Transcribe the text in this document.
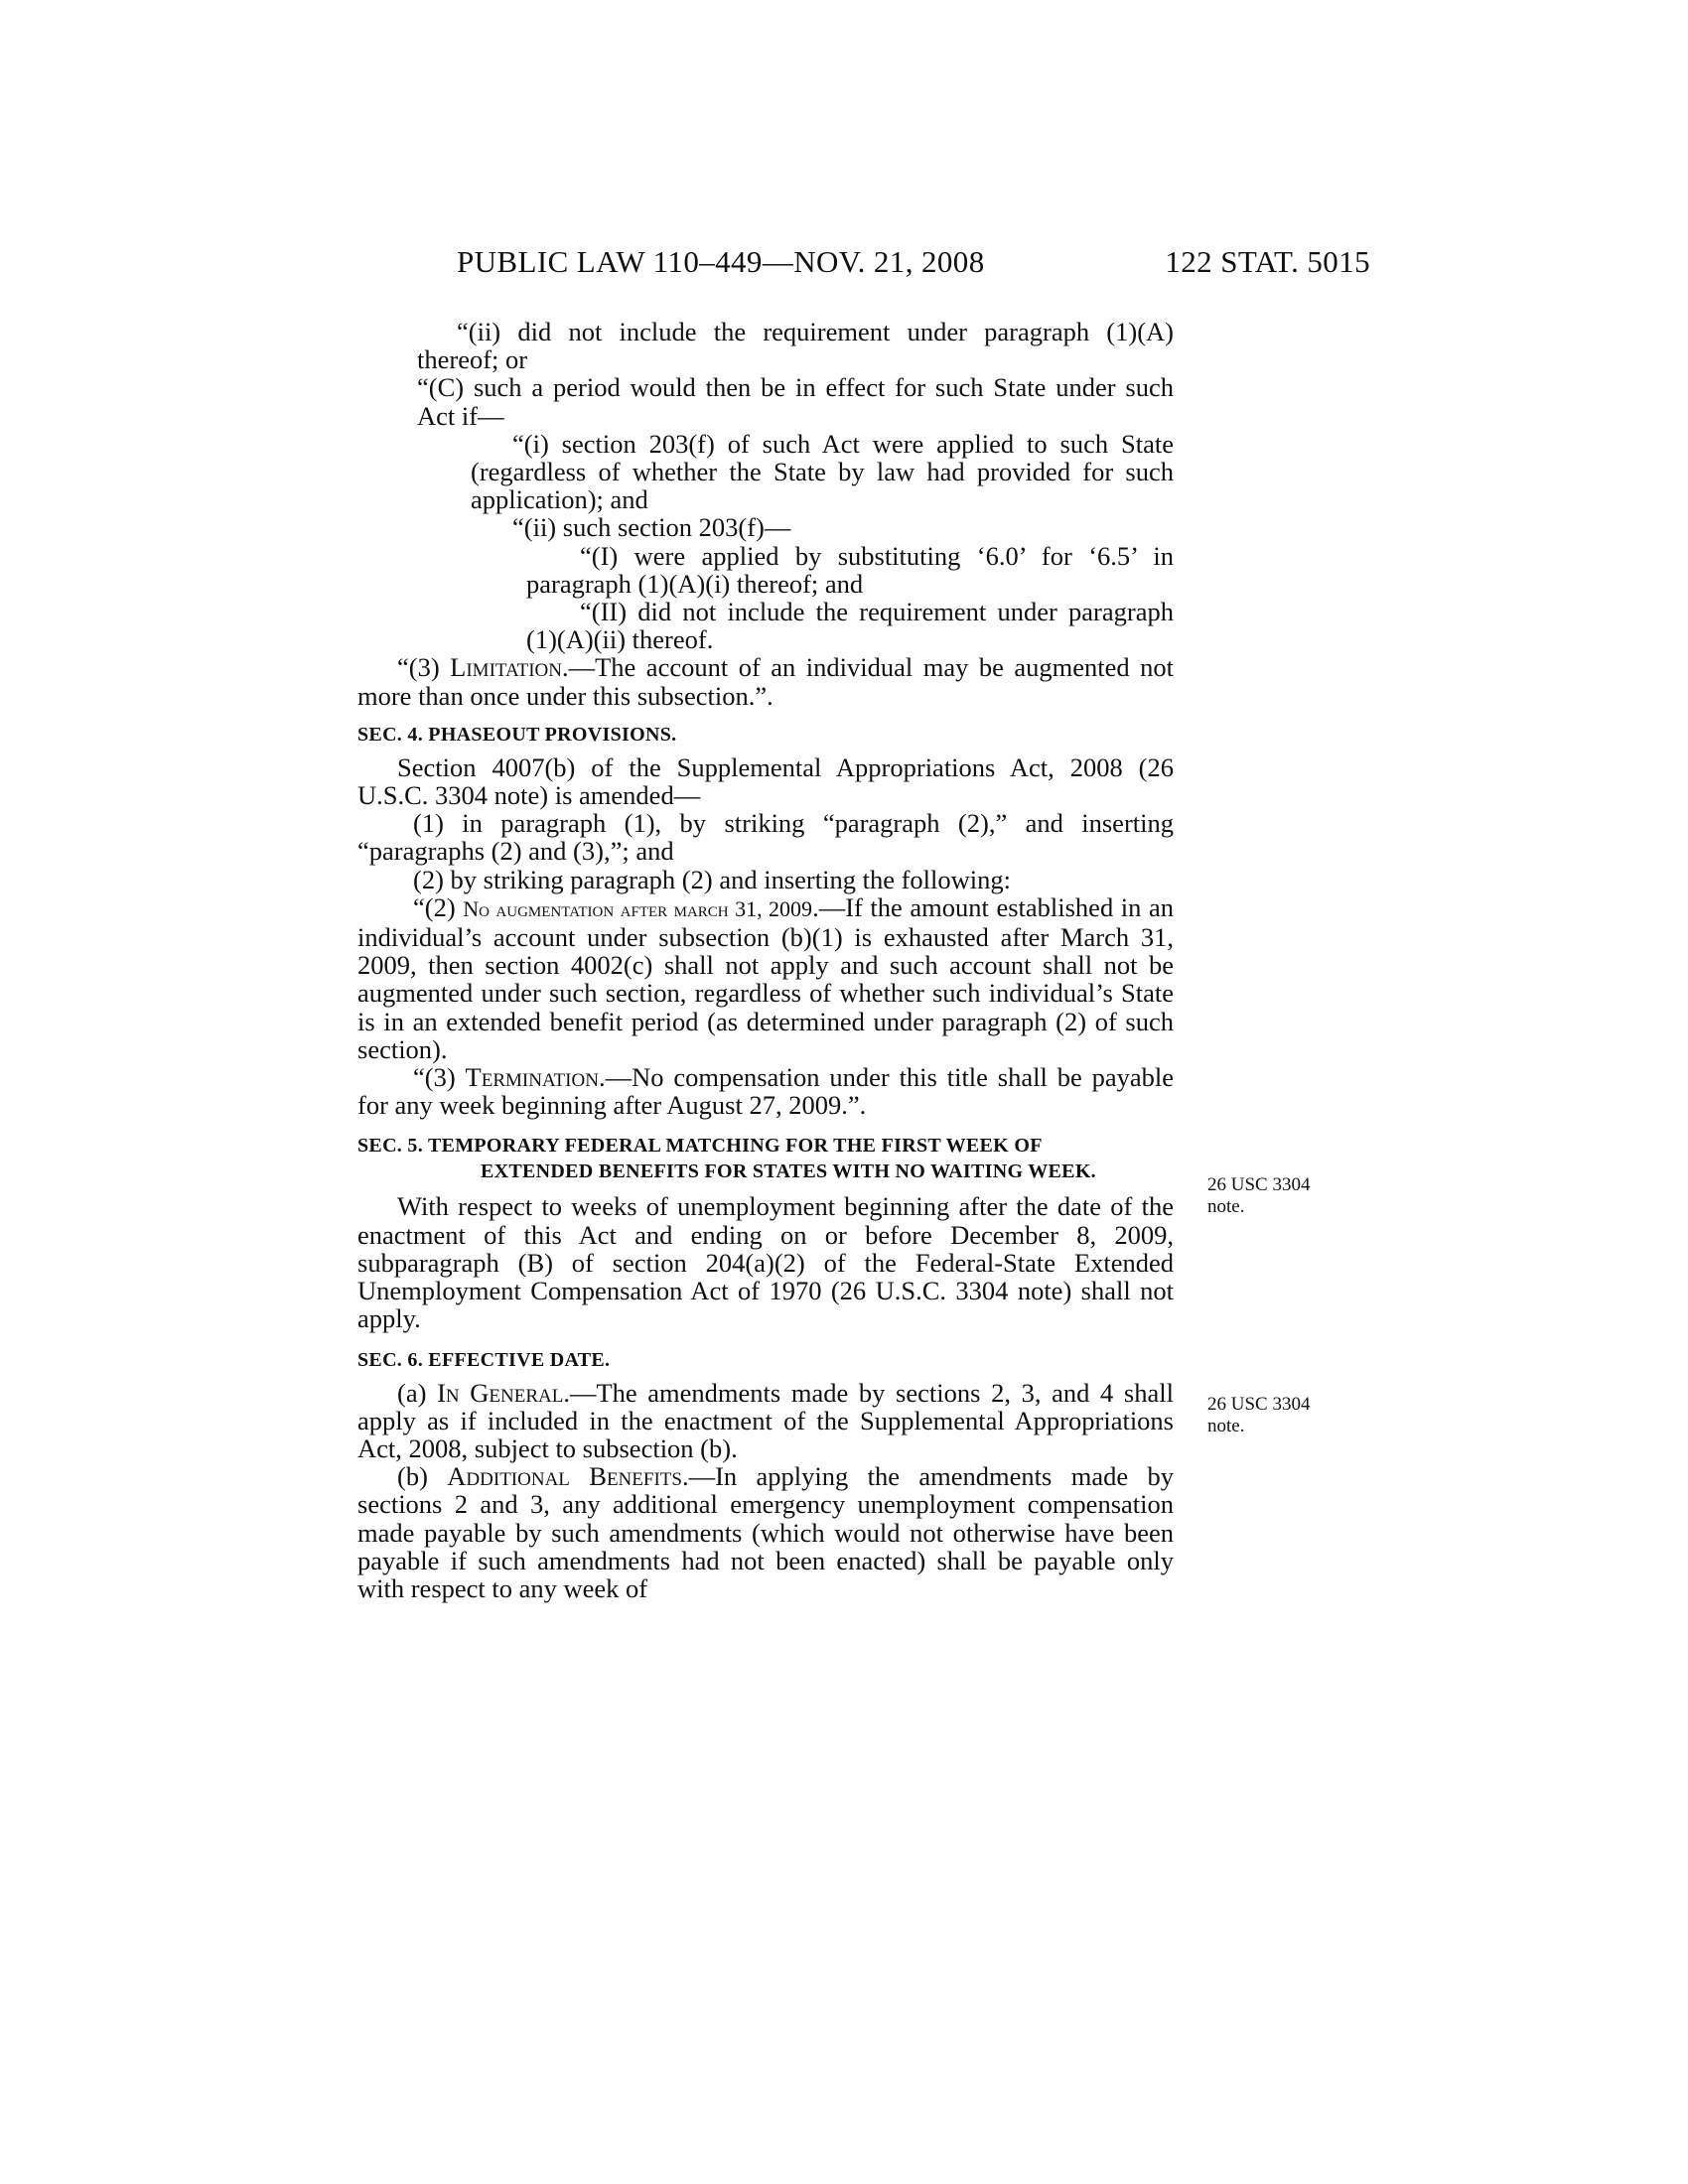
PUBLIC LAW 110–449—NOV. 21, 2008	122 STAT. 5015

“(ii) did not include the requirement under paragraph (1)(A) thereof; or

“(C) such a period would then be in effect for such State under such Act if—

“(i) section 203(f) of such Act were applied to such State (regardless of whether the State by law had provided for such application); and

“(ii) such section 203(f)—

“(I) were applied by substituting ‘6.0’ for ‘6.5’ in paragraph (1)(A)(i) thereof; and

“(II) did not include the requirement under paragraph (1)(A)(ii) thereof.

“(3) Limitation.—The account of an individual may be augmented not more than once under this subsection.”.

SEC. 4. PHASEOUT PROVISIONS.

Section 4007(b) of the Supplemental Appropriations Act, 2008 (26 U.S.C. 3304 note) is amended—

(1) in paragraph (1), by striking “paragraph (2),” and inserting “paragraphs (2) and (3),”; and

(2) by striking paragraph (2) and inserting the following:

“(2) No augmentation after march 31, 2009.—If the amount established in an individual’s account under subsection (b)(1) is exhausted after March 31, 2009, then section 4002(c) shall not apply and such account shall not be augmented under such section, regardless of whether such individual’s State is in an extended benefit period (as determined under paragraph (2) of such section).

“(3) Termination.—No compensation under this title shall be payable for any week beginning after August 27, 2009.”.

SEC. 5. TEMPORARY FEDERAL MATCHING FOR THE FIRST WEEK OF
EXTENDED BENEFITS FOR STATES WITH NO WAITING WEEK.

With respect to weeks of unemployment beginning after the date of the enactment of this Act and ending on or before December 8, 2009, subparagraph (B) of section 204(a)(2) of the Federal-State Extended Unemployment Compensation Act of 1970 (26 U.S.C. 3304 note) shall not apply.

SEC. 6. EFFECTIVE DATE.

(a) In General.—The amendments made by sections 2, 3, and 4 shall apply as if included in the enactment of the Supplemental Appropriations Act, 2008, subject to subsection (b).

(b) Additional Benefits.—In applying the amendments made by sections 2 and 3, any additional emergency unemployment compensation made payable by such amendments (which would not otherwise have been payable if such amendments had not been enacted) shall be payable only with respect to any week of

26 USC 3304
note.
26 USC 3304
note.
